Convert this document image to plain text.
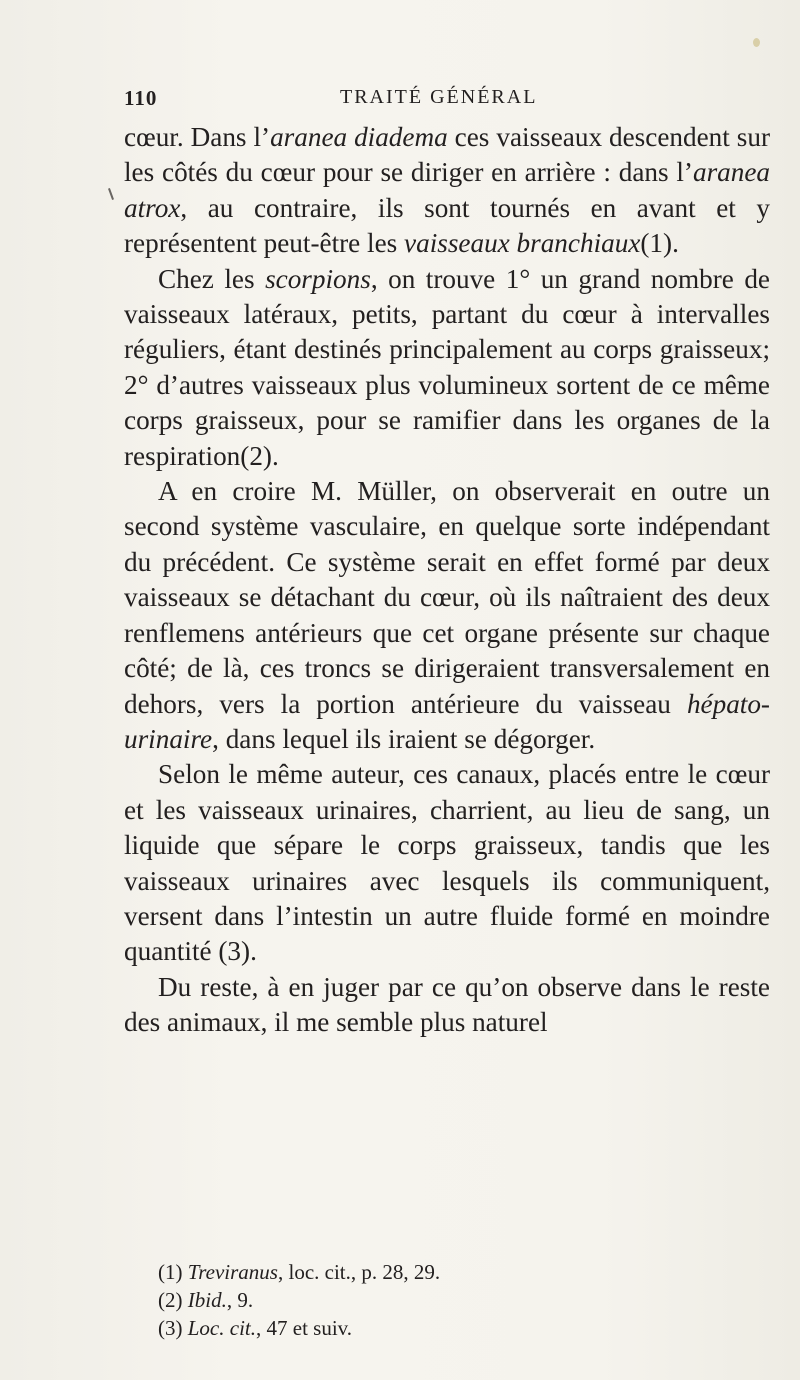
110	TRAITÉ GÉNÉRAL

cœur. Dans l’aranea diadema ces vaisseaux descendent sur les côtés du cœur pour se diriger en arrière : dans l’aranea atrox, au contraire, ils sont tournés en avant et y représentent peut-être les vaisseaux branchiaux(1).

Chez les scorpions, on trouve 1° un grand nombre de vaisseaux latéraux, petits, partant du cœur à intervalles réguliers, étant destinés principalement au corps graisseux; 2° d’autres vaisseaux plus volumineux sortent de ce même corps graisseux, pour se ramifier dans les organes de la respiration(2).

A en croire M. Müller, on observerait en outre un second système vasculaire, en quelque sorte indépendant du précédent. Ce système serait en effet formé par deux vaisseaux se détachant du cœur, où ils naîtraient des deux renflemens antérieurs que cet organe présente sur chaque côté; de là, ces troncs se dirigeraient transversalement en dehors, vers la portion antérieure du vaisseau hépato-urinaire, dans lequel ils iraient se dégorger.

Selon le même auteur, ces canaux, placés entre le cœur et les vaisseaux urinaires, charrient, au lieu de sang, un liquide que sépare le corps graisseux, tandis que les vaisseaux urinaires avec lesquels ils communiquent, versent dans l’intestin un autre fluide formé en moindre quantité (3).

Du reste, à en juger par ce qu’on observe dans le reste des animaux, il me semble plus naturel

(1) Treviranus, loc. cit., p. 28, 29.
(2) Ibid., 9.
(3) Loc. cit., 47 et suiv.
